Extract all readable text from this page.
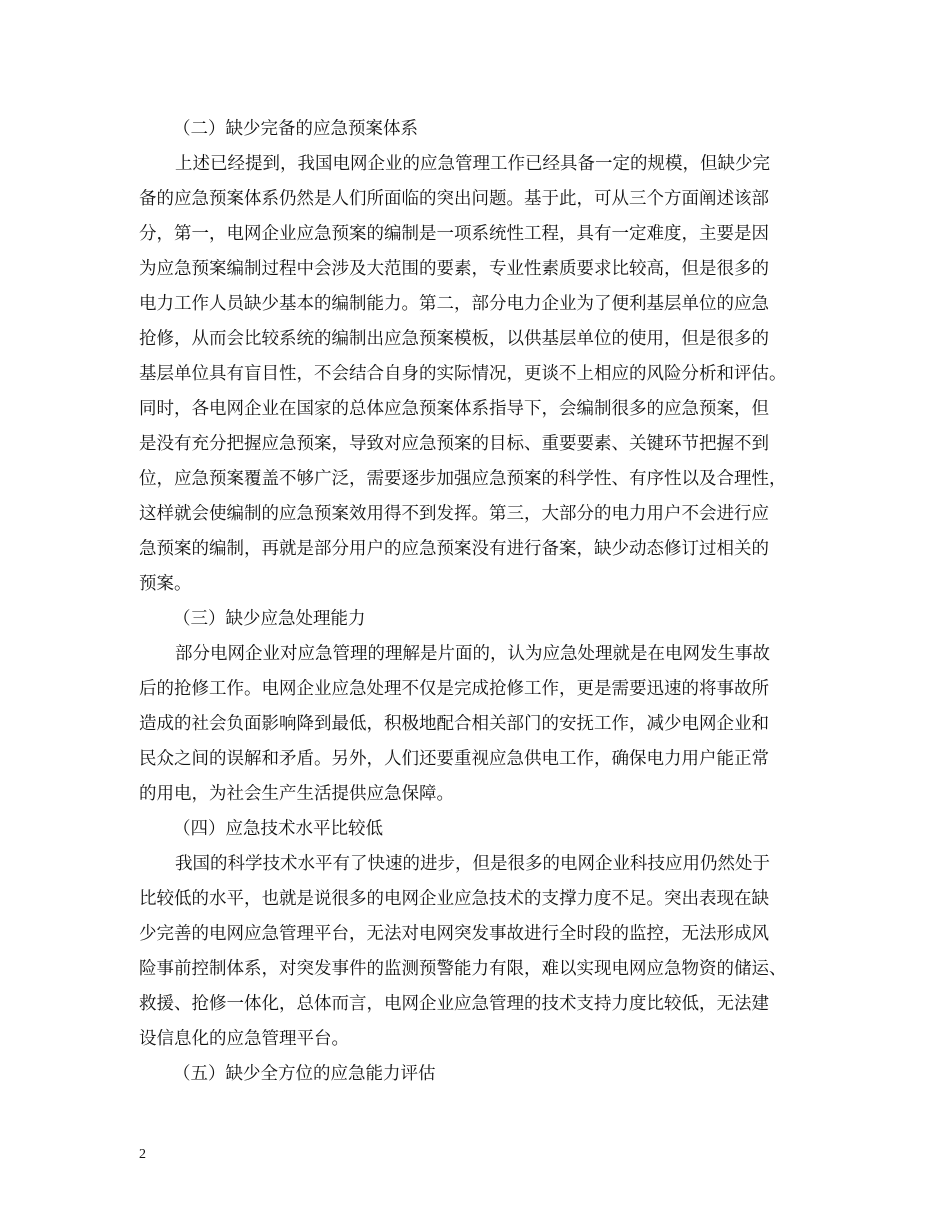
（二）缺少完备的应急预案体系
上述已经提到，我国电网企业的应急管理工作已经具备一定的规模，但缺少完
备的应急预案体系仍然是人们所面临的突出问题。基于此，可从三个方面阐述该部
分，第一，电网企业应急预案的编制是一项系统性工程，具有一定难度，主要是因
为应急预案编制过程中会涉及大范围的要素，专业性素质要求比较高，但是很多的
电力工作人员缺少基本的编制能力。第二，部分电力企业为了便利基层单位的应急
抢修，从而会比较系统的编制出应急预案模板，以供基层单位的使用，但是很多的
基层单位具有盲目性，不会结合自身的实际情况，更谈不上相应的风险分析和评估。
同时，各电网企业在国家的总体应急预案体系指导下，会编制很多的应急预案，但
是没有充分把握应急预案，导致对应急预案的目标、重要要素、关键环节把握不到
位，应急预案覆盖不够广泛，需要逐步加强应急预案的科学性、有序性以及合理性，
这样就会使编制的应急预案效用得不到发挥。第三，大部分的电力用户不会进行应
急预案的编制，再就是部分用户的应急预案没有进行备案，缺少动态修订过相关的
预案。
（三）缺少应急处理能力
部分电网企业对应急管理的理解是片面的，认为应急处理就是在电网发生事故
后的抢修工作。电网企业应急处理不仅是完成抢修工作，更是需要迅速的将事故所
造成的社会负面影响降到最低，积极地配合相关部门的安抚工作，减少电网企业和
民众之间的误解和矛盾。另外，人们还要重视应急供电工作，确保电力用户能正常
的用电，为社会生产生活提供应急保障。
（四）应急技术水平比较低
我国的科学技术水平有了快速的进步，但是很多的电网企业科技应用仍然处于
比较低的水平，也就是说很多的电网企业应急技术的支撑力度不足。突出表现在缺
少完善的电网应急管理平台，无法对电网突发事故进行全时段的监控，无法形成风
险事前控制体系，对突发事件的监测预警能力有限，难以实现电网应急物资的储运、
救援、抢修一体化，总体而言，电网企业应急管理的技术支持力度比较低，无法建
设信息化的应急管理平台。
（五）缺少全方位的应急能力评估
2
